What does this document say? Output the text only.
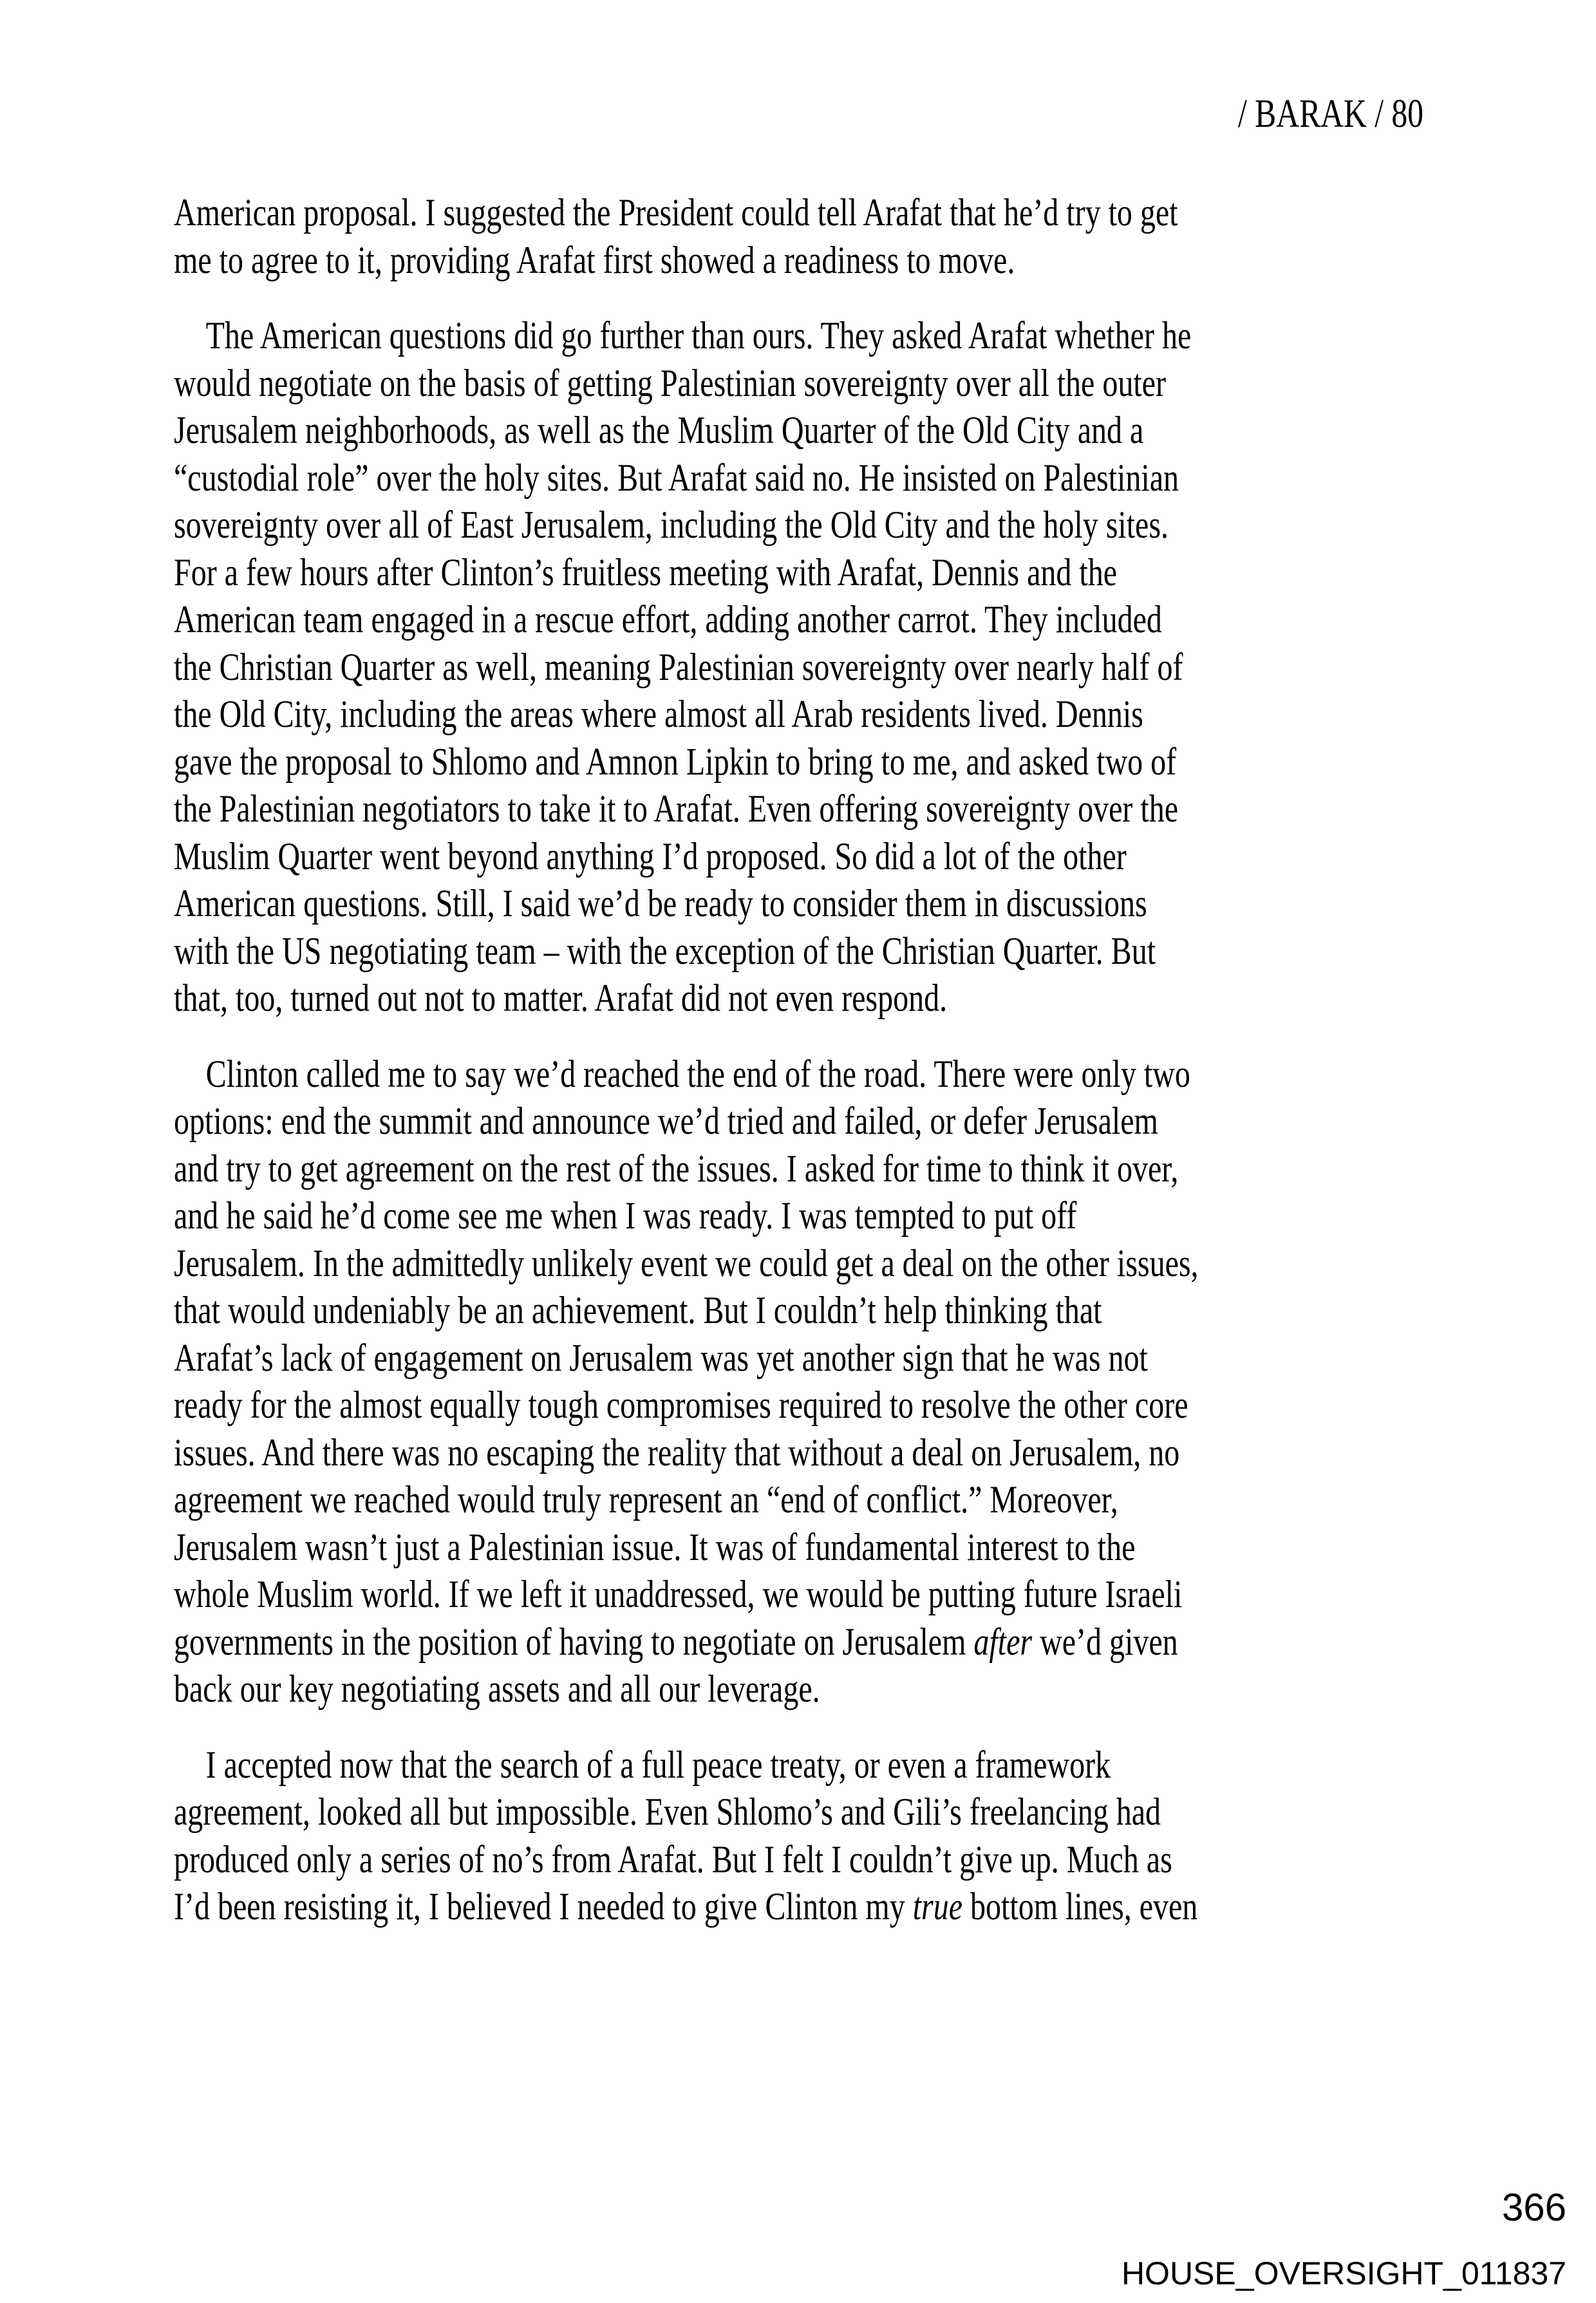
/ BARAK / 80
American proposal. I suggested the President could tell Arafat that he’d try to get
me to agree to it, providing Arafat first showed a readiness to move.
The American questions did go further than ours. They asked Arafat whether he
would negotiate on the basis of getting Palestinian sovereignty over all the outer
Jerusalem neighborhoods, as well as the Muslim Quarter of the Old City and a
“custodial role” over the holy sites. But Arafat said no. He insisted on Palestinian
sovereignty over all of East Jerusalem, including the Old City and the holy sites.
For a few hours after Clinton’s fruitless meeting with Arafat, Dennis and the
American team engaged in a rescue effort, adding another carrot. They included
the Christian Quarter as well, meaning Palestinian sovereignty over nearly half of
the Old City, including the areas where almost all Arab residents lived. Dennis
gave the proposal to Shlomo and Amnon Lipkin to bring to me, and asked two of
the Palestinian negotiators to take it to Arafat. Even offering sovereignty over the
Muslim Quarter went beyond anything I’d proposed. So did a lot of the other
American questions. Still, I said we’d be ready to consider them in discussions
with the US negotiating team – with the exception of the Christian Quarter. But
that, too, turned out not to matter. Arafat did not even respond.
Clinton called me to say we’d reached the end of the road. There were only two
options: end the summit and announce we’d tried and failed, or defer Jerusalem
and try to get agreement on the rest of the issues. I asked for time to think it over,
and he said he’d come see me when I was ready. I was tempted to put off
Jerusalem. In the admittedly unlikely event we could get a deal on the other issues,
that would undeniably be an achievement. But I couldn’t help thinking that
Arafat’s lack of engagement on Jerusalem was yet another sign that he was not
ready for the almost equally tough compromises required to resolve the other core
issues. And there was no escaping the reality that without a deal on Jerusalem, no
agreement we reached would truly represent an “end of conflict.” Moreover,
Jerusalem wasn’t just a Palestinian issue. It was of fundamental interest to the
whole Muslim world. If we left it unaddressed, we would be putting future Israeli
governments in the position of having to negotiate on Jerusalem after we’d given
back our key negotiating assets and all our leverage.
I accepted now that the search of a full peace treaty, or even a framework
agreement, looked all but impossible. Even Shlomo’s and Gili’s freelancing had
produced only a series of no’s from Arafat. But I felt I couldn’t give up. Much as
I’d been resisting it, I believed I needed to give Clinton my true bottom lines, even
366
HOUSE_OVERSIGHT_011837
